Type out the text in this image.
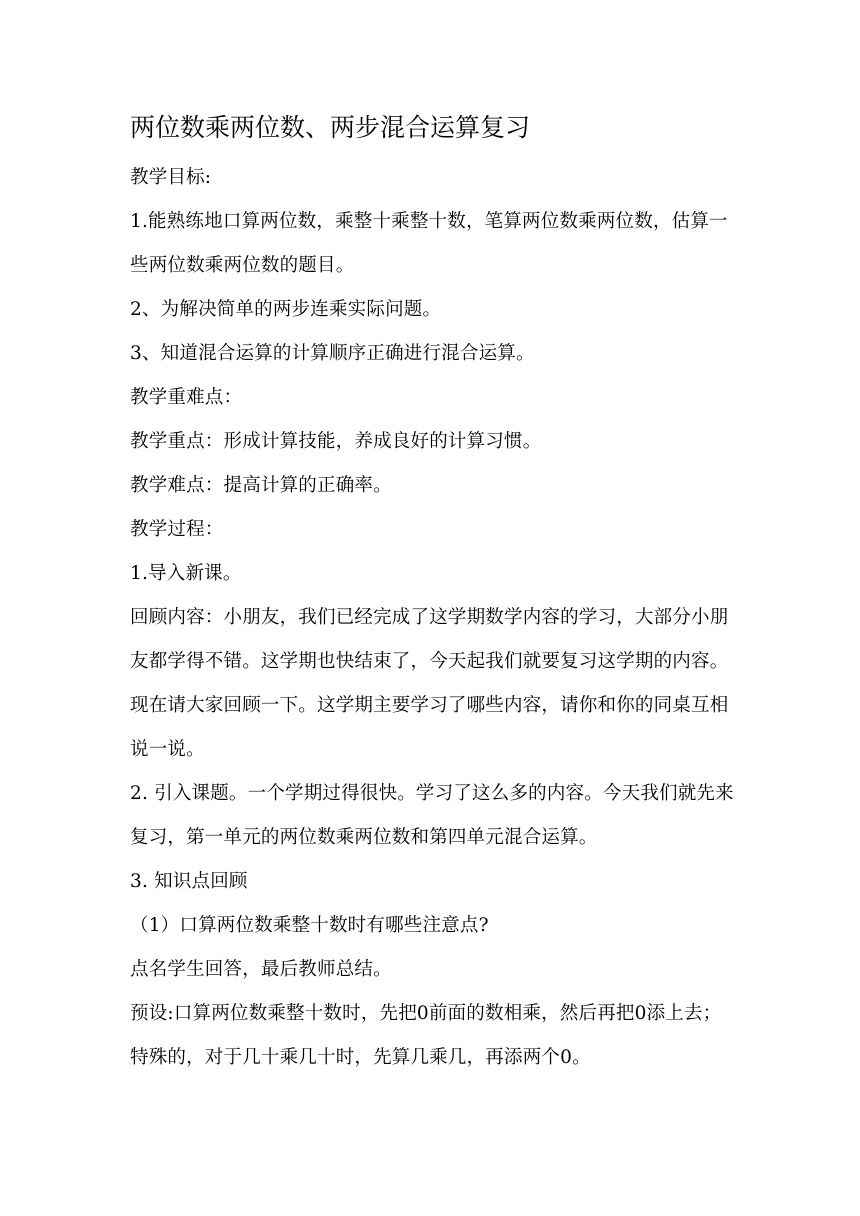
两位数乘两位数、两步混合运算复习

教学目标:

1.能熟练地口算两位数，乘整十乘整十数，笔算两位数乘两位数，估算一些两位数乘两位数的题目。

2、为解决简单的两步连乘实际问题。

3、知道混合运算的计算顺序正确进行混合运算。

教学重难点：

教学重点：形成计算技能，养成良好的计算习惯。

教学难点：提高计算的正确率。

教学过程：

1.导入新课。

回顾内容：小朋友，我们已经完成了这学期数学内容的学习，大部分小朋友都学得不错。这学期也快结束了，今天起我们就要复习这学期的内容。现在请大家回顾一下。这学期主要学习了哪些内容，请你和你的同桌互相说一说。

2. 引入课题。一个学期过得很快。学习了这么多的内容。今天我们就先来复习，第一单元的两位数乘两位数和第四单元混合运算。

3. 知识点回顾

（1）口算两位数乘整十数时有哪些注意点?

点名学生回答，最后教师总结。

预设:口算两位数乘整十数时，先把0前面的数相乘，然后再把0添上去；特殊的，对于几十乘几十时，先算几乘几，再添两个0。
